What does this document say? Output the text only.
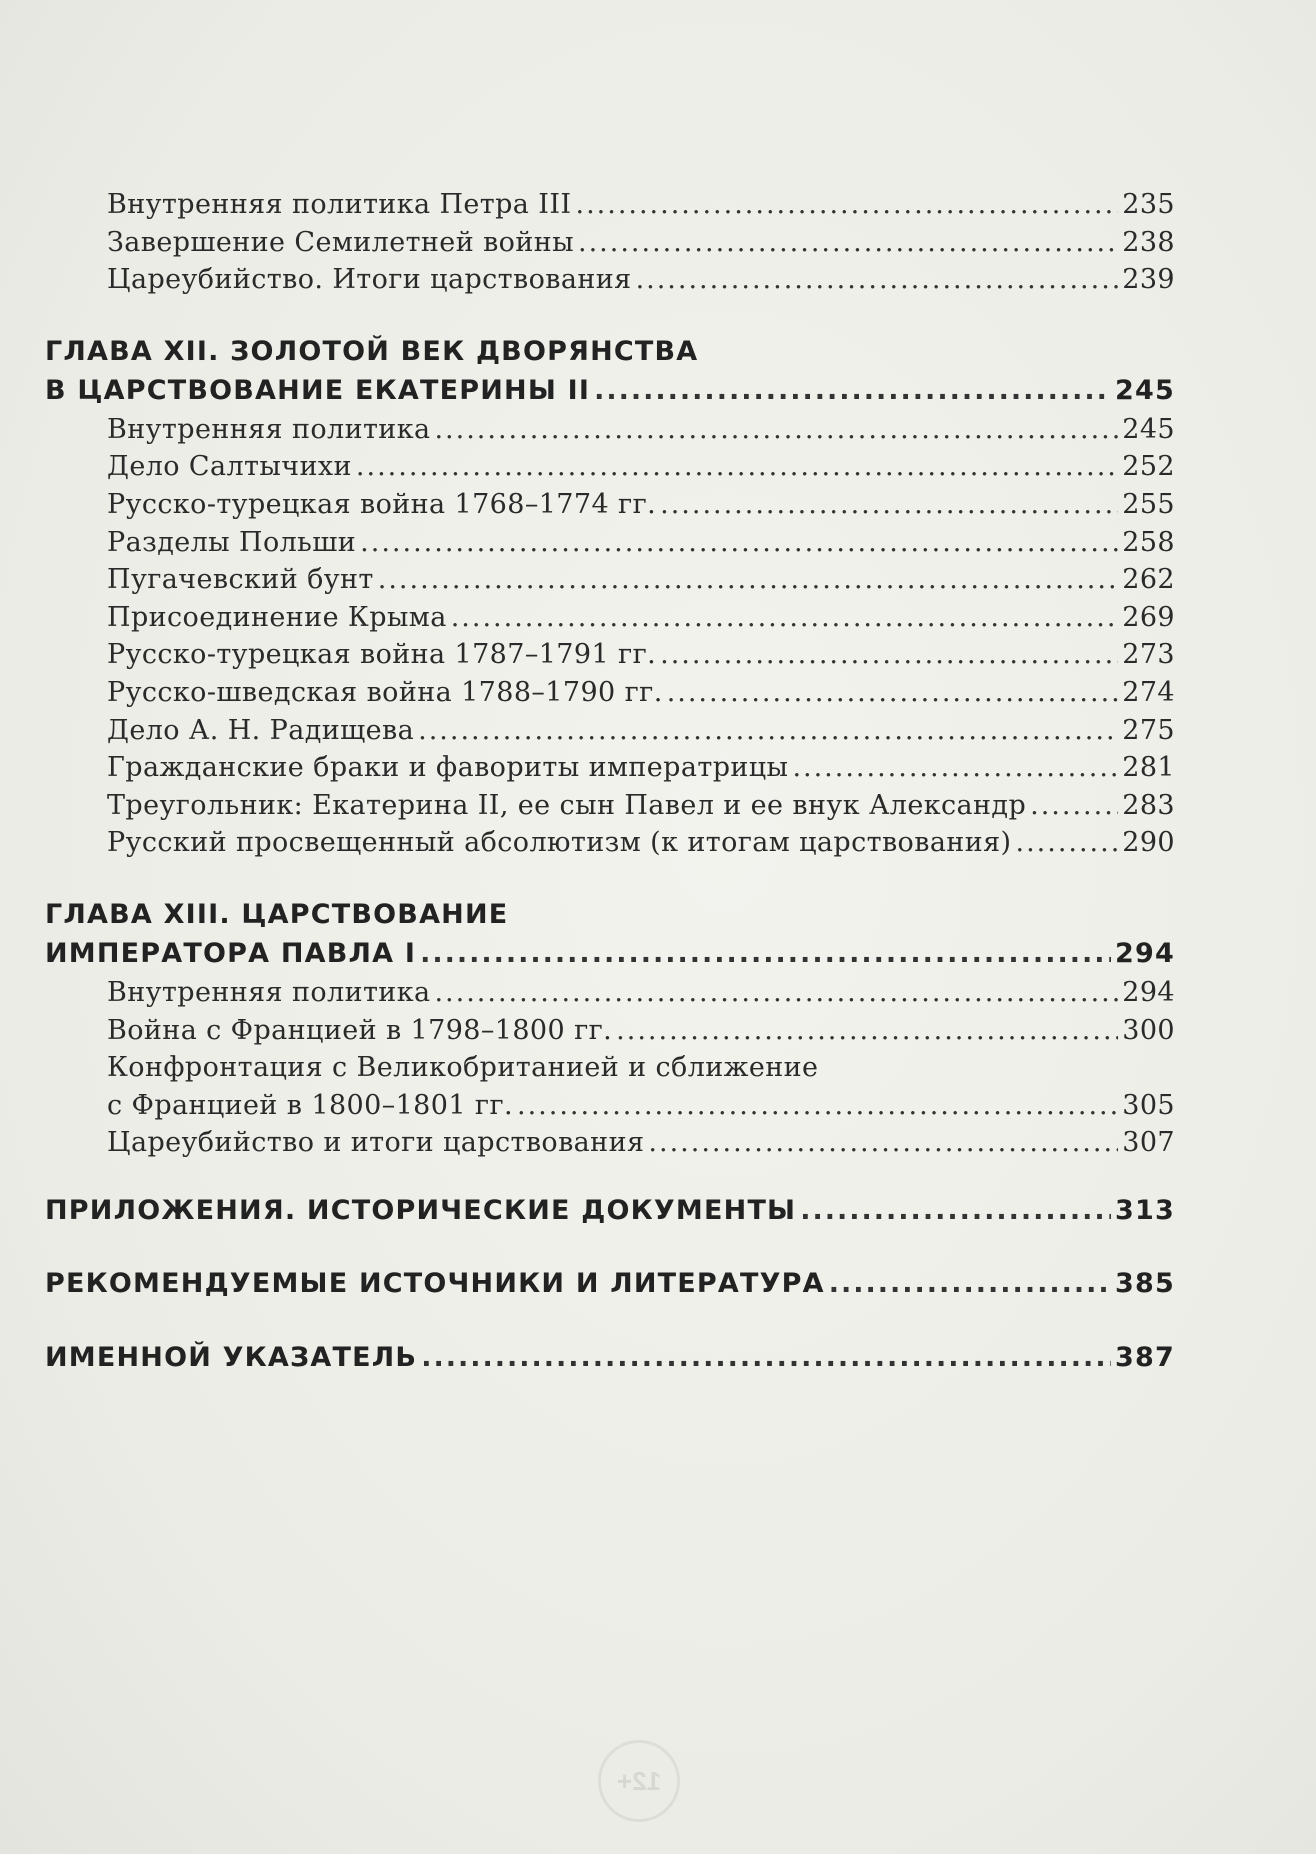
Внутренняя политика Петра III .....	235
Завершение Семилетней войны .....	238
Цареубийство. Итоги царствования .....	239
ГЛАВА XII. ЗОЛОТОЙ ВЕК ДВОРЯНСТВА
В ЦАРСТВОВАНИЕ ЕКАТЕРИНЫ II .....	245
Внутренняя политика .....	245
Дело Салтычихи .....	252
Русско-турецкая война 1768–1774 гг. .....	255
Разделы Польши .....	258
Пугачевский бунт .....	262
Присоединение Крыма .....	269
Русско-турецкая война 1787–1791 гг. .....	273
Русско-шведская война 1788–1790 гг. .....	274
Дело А. Н. Радищева .....	275
Гражданские браки и фавориты императрицы .....	281
Треугольник: Екатерина II, ее сын Павел и ее внук Александр .....	283
Русский просвещенный абсолютизм (к итогам царствования) .....	290
ГЛАВА XIII. ЦАРСТВОВАНИЕ
ИМПЕРАТОРА ПАВЛА I .....	294
Внутренняя политика .....	294
Война с Францией в 1798–1800 гг. .....	300
Конфронтация с Великобританией и сближение
с Францией в 1800–1801 гг. .....	305
Цареубийство и итоги царствования .....	307
ПРИЛОЖЕНИЯ. ИСТОРИЧЕСКИЕ ДОКУМЕНТЫ .....	313
РЕКОМЕНДУЕМЫЕ ИСТОЧНИКИ И ЛИТЕРАТУРА .....	385
ИМЕННОЙ УКАЗАТЕЛЬ .....	387
12+
